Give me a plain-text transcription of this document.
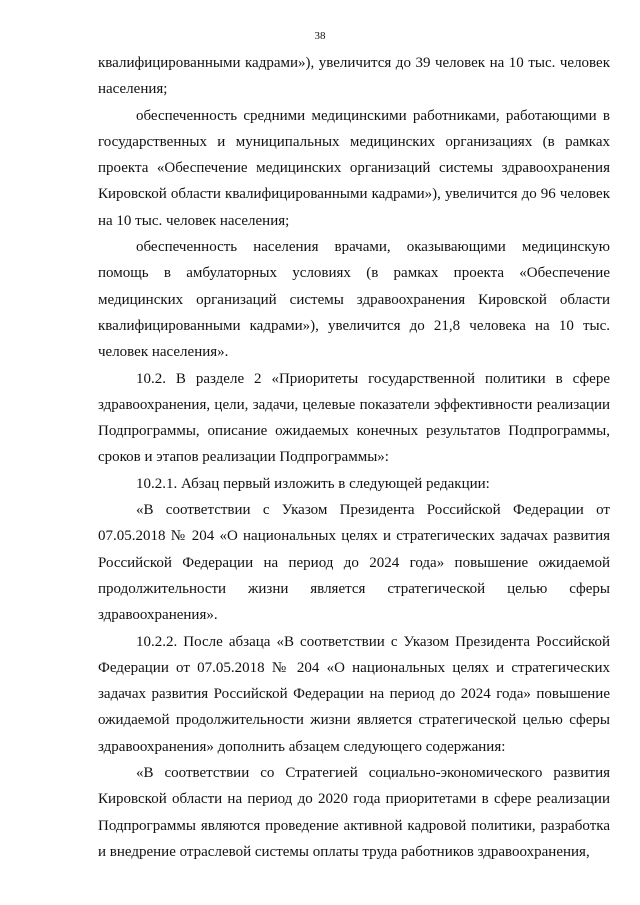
38

квалифицированными кадрами»), увеличится до 39 человек на 10 тыс. человек населения;

обеспеченность средними медицинскими работниками, работающими в государственных и муниципальных медицинских организациях (в рамках проекта «Обеспечение медицинских организаций системы здравоохранения Кировской области квалифицированными кадрами»), увеличится до 96 человек на 10 тыс. человек населения;

обеспеченность населения врачами, оказывающими медицинскую помощь в амбулаторных условиях (в рамках проекта «Обеспечение медицинских организаций системы здравоохранения Кировской области квалифицированными кадрами»), увеличится до 21,8 человека на 10 тыс. человек населения».

10.2. В разделе 2 «Приоритеты государственной политики в сфере здравоохранения, цели, задачи, целевые показатели эффективности реализации Подпрограммы, описание ожидаемых конечных результатов Подпрограммы, сроков и этапов реализации Подпрограммы»:

10.2.1. Абзац первый изложить в следующей редакции:

«В соответствии с Указом Президента Российской Федерации от 07.05.2018 № 204 «О национальных целях и стратегических задачах развития Российской Федерации на период до 2024 года» повышение ожидаемой продолжительности жизни является стратегической целью сферы здравоохранения».

10.2.2. После абзаца «В соответствии с Указом Президента Российской Федерации от 07.05.2018 № 204 «О национальных целях и стратегических задачах развития Российской Федерации на период до 2024 года» повышение ожидаемой продолжительности жизни является стратегической целью сферы здравоохранения» дополнить абзацем следующего содержания:

«В соответствии со Стратегией социально-экономического развития Кировской области на период до 2020 года приоритетами в сфере реализации Подпрограммы являются проведение активной кадровой политики, разработка и внедрение отраслевой системы оплаты труда работников здравоохранения,
